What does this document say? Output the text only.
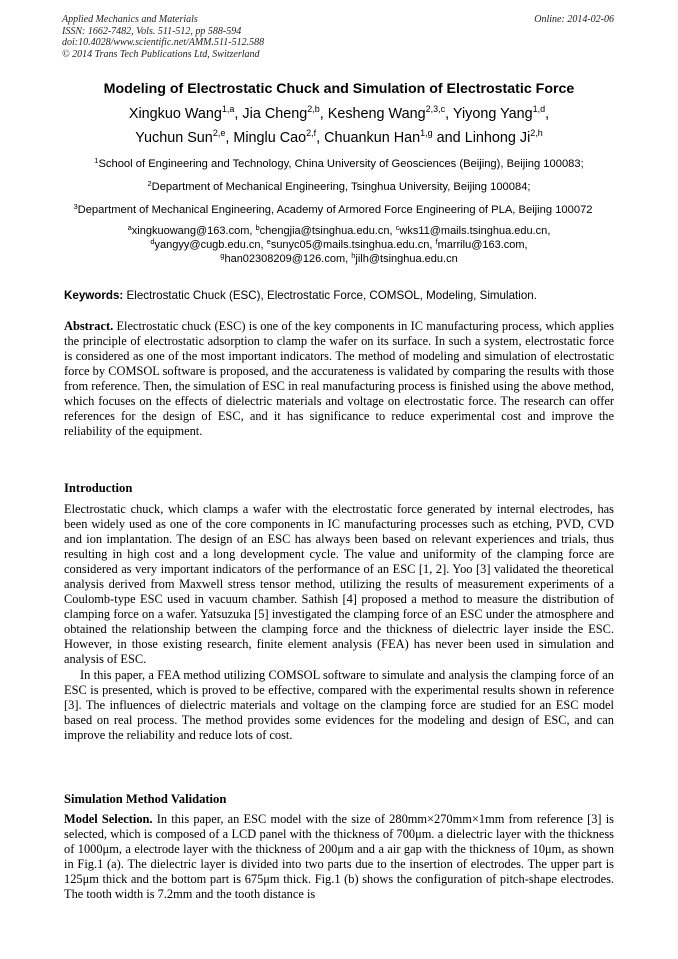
Applied Mechanics and Materials
ISSN: 1662-7482, Vols. 511-512, pp 588-594
doi:10.4028/www.scientific.net/AMM.511-512.588
© 2014 Trans Tech Publications Ltd, Switzerland
Online: 2014-02-06
Modeling of Electrostatic Chuck and Simulation of Electrostatic Force
Xingkuo Wang$^{1,a}$, Jia Cheng$^{2,b}$, Kesheng Wang$^{2,3,c}$, Yiyong Yang$^{1,d}$,
Yuchun Sun$^{2,e}$, Minglu Cao$^{2,f}$, Chuankun Han$^{1,g}$ and Linhong Ji$^{2,h}$
$^1$School of Engineering and Technology, China University of Geosciences (Beijing), Beijing 100083;
$^2$Department of Mechanical Engineering, Tsinghua University, Beijing 100084;
$^3$Department of Mechanical Engineering, Academy of Armored Force Engineering of PLA, Beijing 100072
$^a$xingkuowang@163.com, $^b$chengjia@tsinghua.edu.cn, $^c$wks11@mails.tsinghua.edu.cn,
$^d$yangyy@cugb.edu.cn, $^e$sunyc05@mails.tsinghua.edu.cn, $^f$marrilu@163.com,
$^g$han02308209@126.com, $^h$jilh@tsinghua.edu.cn
Keywords: Electrostatic Chuck (ESC), Electrostatic Force, COMSOL, Modeling, Simulation.
Abstract. Electrostatic chuck (ESC) is one of the key components in IC manufacturing process, which applies the principle of electrostatic adsorption to clamp the wafer on its surface. In such a system, electrostatic force is considered as one of the most important indicators. The method of modeling and simulation of electrostatic force by COMSOL software is proposed, and the accurateness is validated by comparing the results with those from reference. Then, the simulation of ESC in real manufacturing process is finished using the above method, which focuses on the effects of dielectric materials and voltage on electrostatic force. The research can offer references for the design of ESC, and it has significance to reduce experimental cost and improve the reliability of the equipment.
Introduction
Electrostatic chuck, which clamps a wafer with the electrostatic force generated by internal electrodes, has been widely used as one of the core components in IC manufacturing processes such as etching, PVD, CVD and ion implantation. The design of an ESC has always been based on relevant experiences and trials, thus resulting in high cost and a long development cycle. The value and uniformity of the clamping force are considered as very important indicators of the performance of an ESC [1, 2]. Yoo [3] validated the theoretical analysis derived from Maxwell stress tensor method, utilizing the results of measurement experiments of a Coulomb-type ESC used in vacuum chamber. Sathish [4] proposed a method to measure the distribution of clamping force on a wafer. Yatsuzuka [5] investigated the clamping force of an ESC under the atmosphere and obtained the relationship between the clamping force and the thickness of dielectric layer inside the ESC. However, in those existing research, finite element analysis (FEA) has never been used in simulation and analysis of ESC.
In this paper, a FEA method utilizing COMSOL software to simulate and analysis the clamping force of an ESC is presented, which is proved to be effective, compared with the experimental results shown in reference [3]. The influences of dielectric materials and voltage on the clamping force are studied for an ESC model based on real process. The method provides some evidences for the modeling and design of ESC, and can improve the reliability and reduce lots of cost.
Simulation Method Validation
Model Selection. In this paper, an ESC model with the size of 280mm×270mm×1mm from reference [3] is selected, which is composed of a LCD panel with the thickness of 700μm. a dielectric layer with the thickness of 1000μm, a electrode layer with the thickness of 200μm and a air gap with the thickness of 10μm, as shown in Fig.1 (a). The dielectric layer is divided into two parts due to the insertion of electrodes. The upper part is 125μm thick and the bottom part is 675μm thick. Fig.1 (b) shows the configuration of pitch-shape electrodes. The tooth width is 7.2mm and the tooth distance is
